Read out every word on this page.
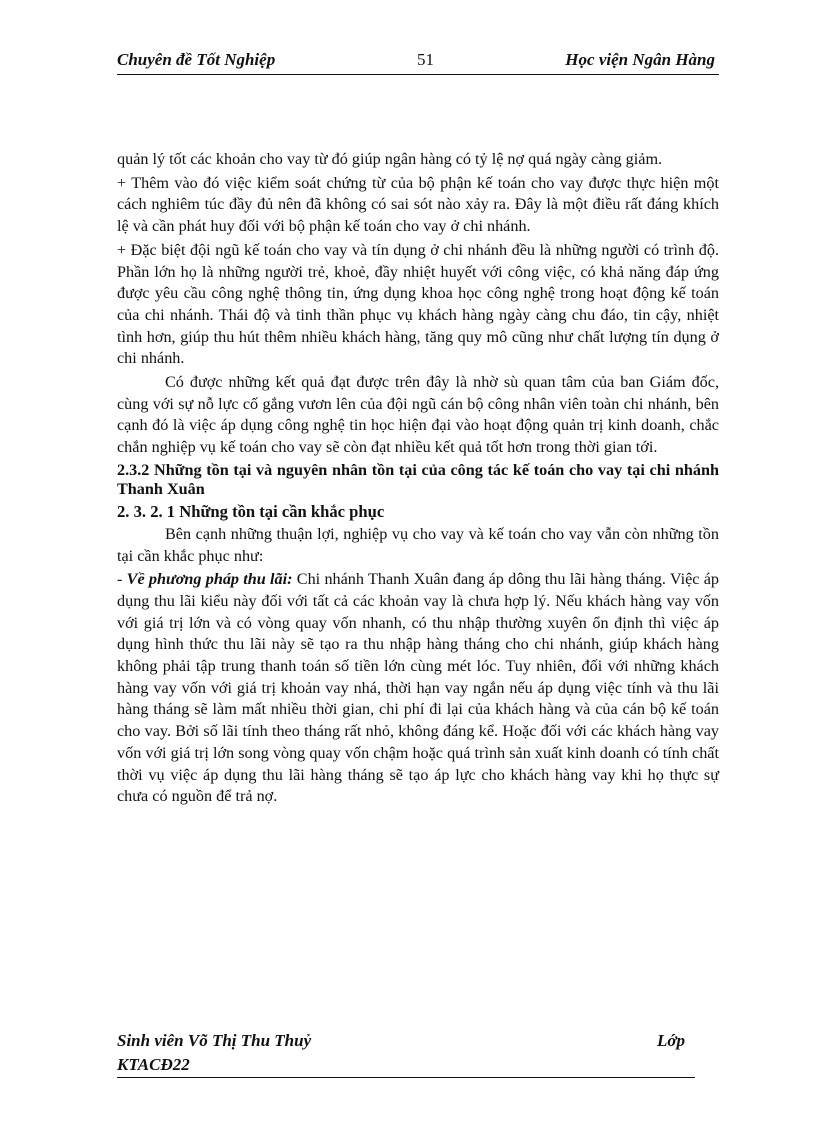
Chuyên đề Tốt Nghiệp	51	Học viện Ngân Hàng

quản lý tốt các khoản cho vay từ đó giúp ngân hàng có tỷ lệ nợ quá ngày càng giảm.

+ Thêm vào đó việc kiểm soát chứng từ của bộ phận kế toán cho vay được thực hiện một cách nghiêm túc đầy đủ nên đã không có sai sót nào xảy ra. Đây là một điều rất đáng khích lệ và cần phát huy đối với bộ phận kế toán cho vay ở chi nhánh.

+ Đặc biệt đội ngũ kế toán cho vay và tín dụng ở chi nhánh đều là những người có trình độ. Phần lớn họ là những người trẻ, khoẻ, đầy nhiệt huyết với công việc, có khả năng đáp ứng được yêu cầu công nghệ thông tin, ứng dụng khoa học công nghệ trong hoạt động kế toán của chi nhánh. Thái độ và tinh thần phục vụ khách hàng ngày càng chu đáo, tin cậy, nhiệt tình hơn, giúp thu hút thêm nhiều khách hàng, tăng quy mô cũng như chất lượng tín dụng ở chi nhánh.

Có được những kết quả đạt được trên đây là nhờ sù quan tâm của ban Giám đốc, cùng với sự nỗ lực cố gắng vươn lên của đội ngũ cán bộ công nhân viên toàn chi nhánh, bên cạnh đó là việc áp dụng công nghệ tin học hiện đại vào hoạt động quản trị kinh doanh, chắc chắn nghiệp vụ kế toán cho vay sẽ còn đạt nhiều kết quả tốt hơn trong thời gian tới.

2.3.2 Những tồn tại và nguyên nhân tồn tại của công tác kế toán cho vay tại chi nhánh Thanh Xuân

2. 3. 2. 1 Những tồn tại cần khắc phục

Bên cạnh những thuận lợi, nghiệp vụ cho vay và kế toán cho vay vẫn còn những tồn tại cần khắc phục như:

- Về phương pháp thu lãi: Chi nhánh Thanh Xuân đang áp dông thu lãi hàng tháng. Việc áp dụng thu lãi kiểu này đối với tất cả các khoản vay là chưa hợp lý. Nếu khách hàng vay vốn với giá trị lớn và có vòng quay vốn nhanh, có thu nhập thường xuyên ổn định thì việc áp dụng hình thức thu lãi này sẽ tạo ra thu nhập hàng tháng cho chi nhánh, giúp khách hàng không phải tập trung thanh toán số tiền lớn cùng mét lóc. Tuy nhiên, đối với những khách hàng vay vốn với giá trị khoản vay nhá, thời hạn vay ngắn nếu áp dụng việc tính và thu lãi hàng tháng sẽ làm mất nhiều thời gian, chi phí đi lại của khách hàng và của cán bộ kế toán cho vay. Bởi số lãi tính theo tháng rất nhỏ, không đáng kể. Hoặc đối với các khách hàng vay vốn với giá trị lớn song vòng quay vốn chậm hoặc quá trình sản xuất kinh doanh có tính chất thời vụ việc áp dụng thu lãi hàng tháng sẽ tạo áp lực cho khách hàng vay khi họ thực sự chưa có nguồn để trả nợ.

Sinh viên Võ Thị Thu Thuỷ	Lớp
KTACĐ22
